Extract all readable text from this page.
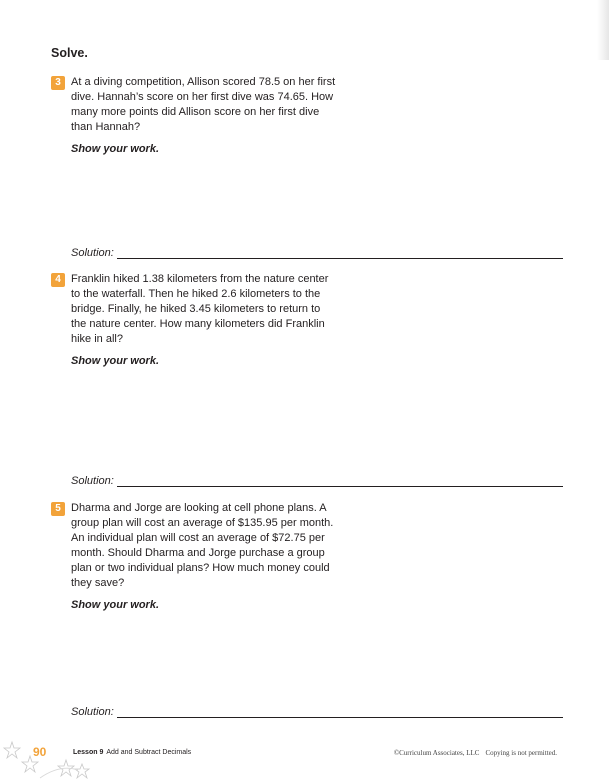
Solve.
3 At a diving competition, Allison scored 78.5 on her first
dive. Hannah’s score on her first dive was 74.65. How
many more points did Allison score on her first dive
than Hannah?

Show your work.

Solution:
4 Franklin hiked 1.38 kilometers from the nature center
to the waterfall. Then he hiked 2.6 kilometers to the
bridge. Finally, he hiked 3.45 kilometers to return to
the nature center. How many kilometers did Franklin
hike in all?

Show your work.

Solution:
5 Dharma and Jorge are looking at cell phone plans. A
group plan will cost an average of $135.95 per month.
An individual plan will cost an average of $72.75 per
month. Should Dharma and Jorge purchase a group
plan or two individual plans? How much money could
they save?

Show your work.

Solution:
90	Lesson 9 Add and Subtract Decimals	©Curriculum Associates, LLC Copying is not permitted.
